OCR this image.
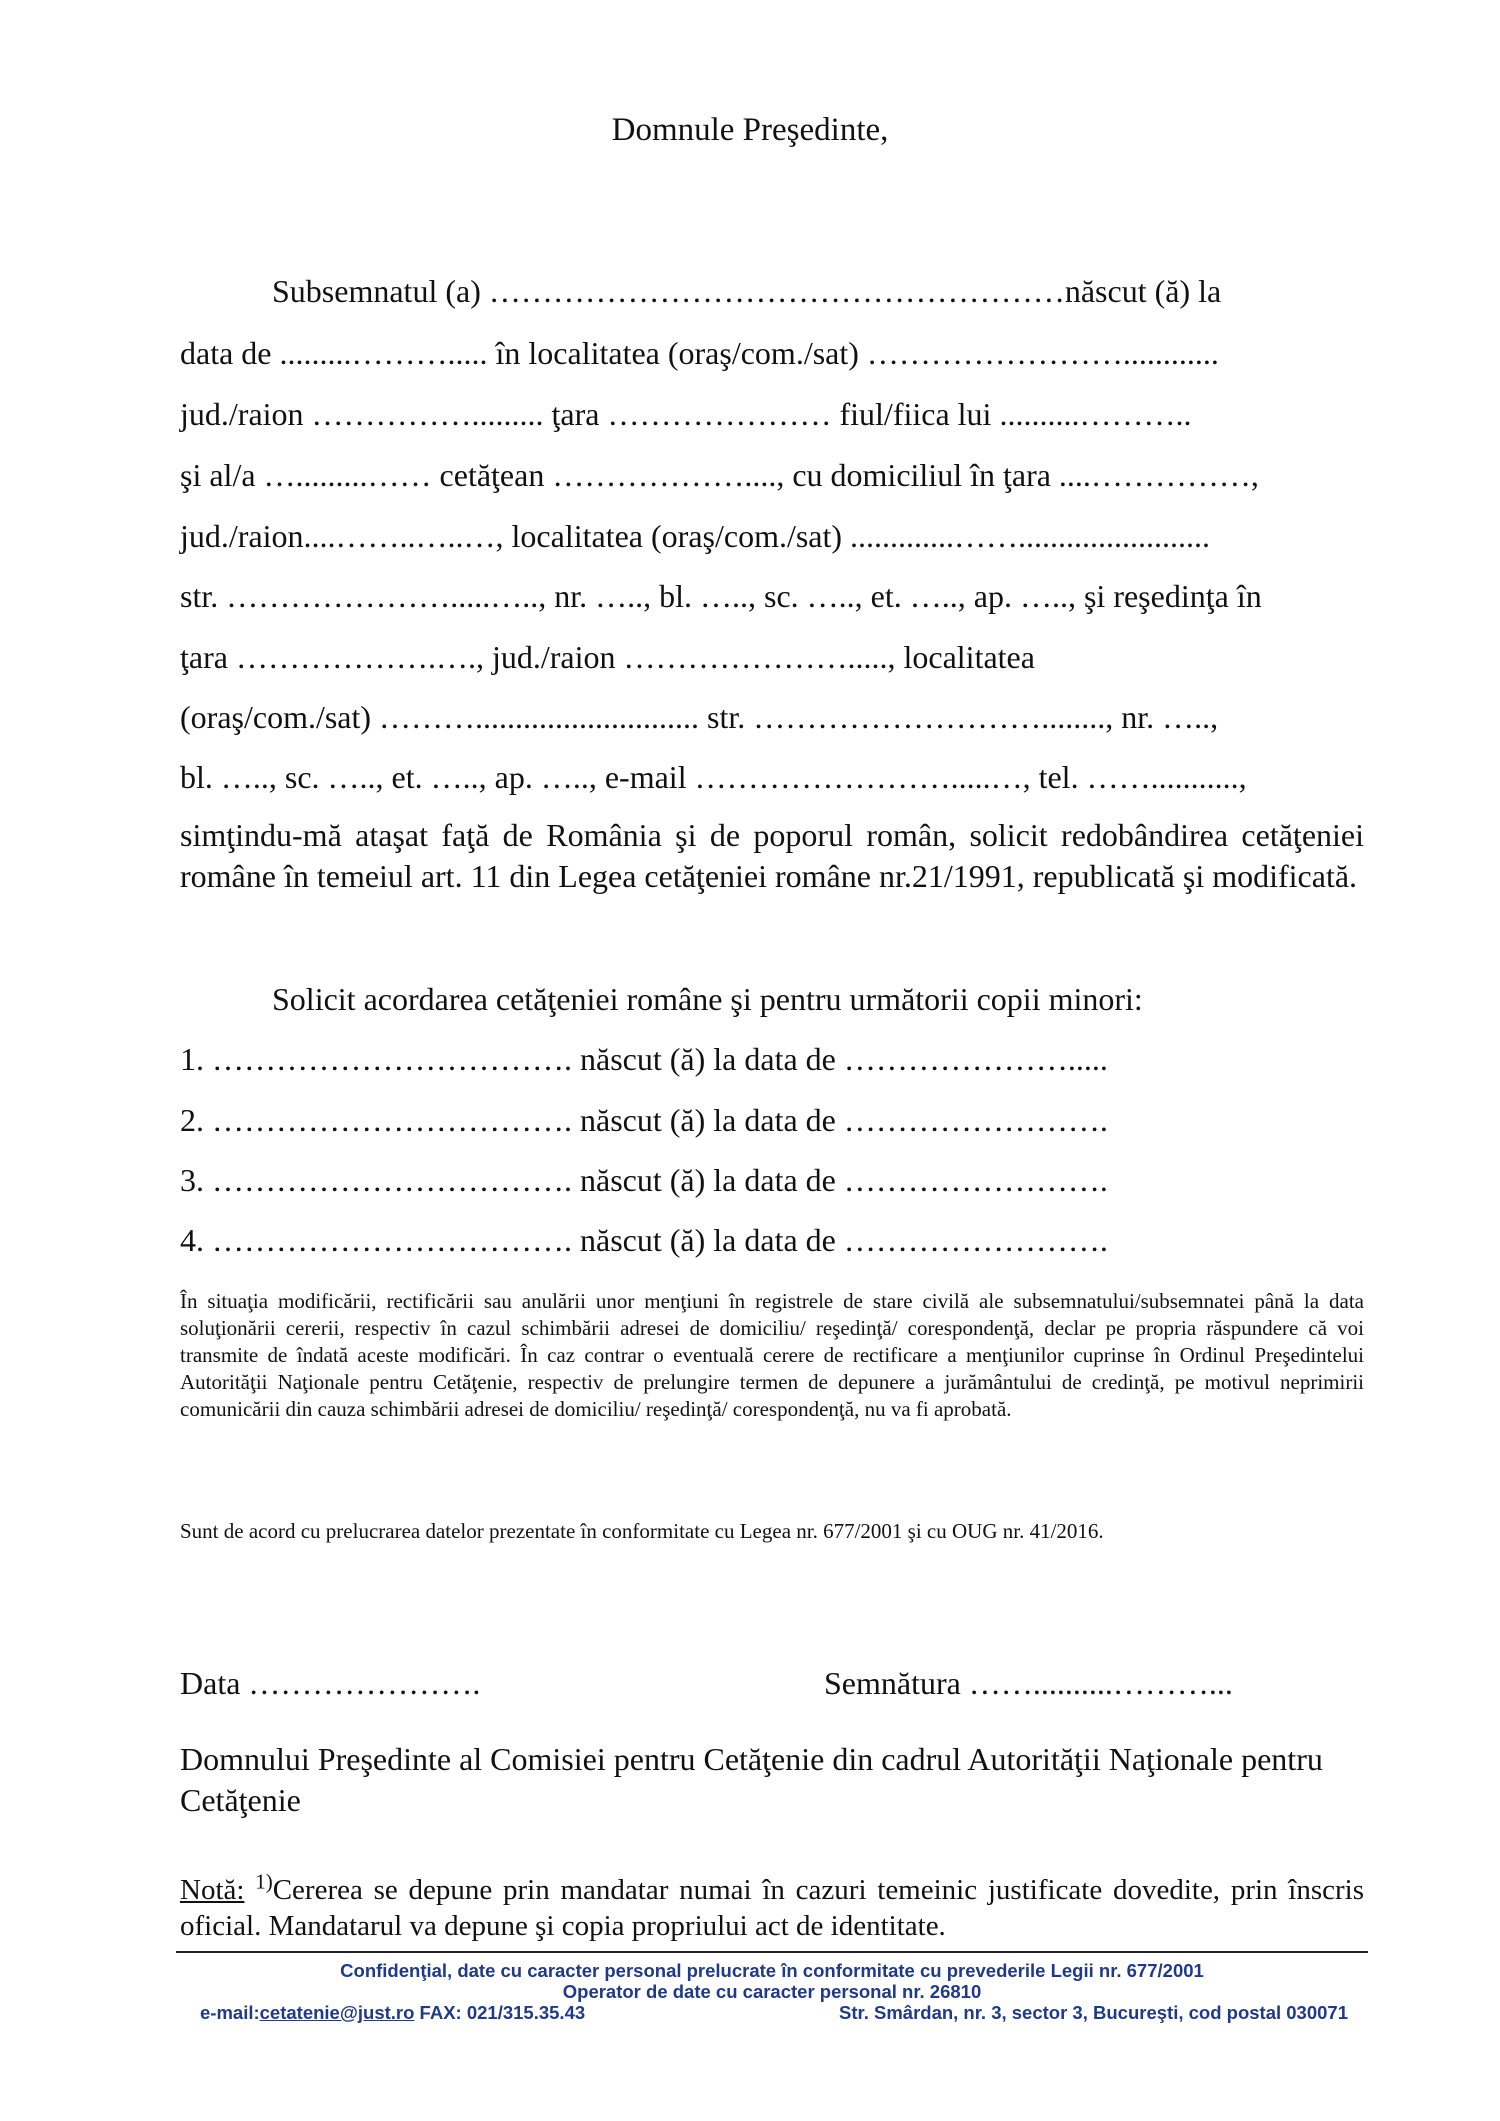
Domnule Preşedinte,
Subsemnatul (a) ………………………………………………născut (ă) la
data de .........………..... în localitatea (oraş/com./sat) ……………………............
jud./raion ……………......... ţara ………………… fiul/fiica lui ..........………..
şi al/a ….........…… cetăţean ………………...., cu domiciliul în ţara ....……………,
jud./raion....……..…..…, localitatea (oraş/com./sat) .............……........................
str. ………………….....….., nr. ….., bl. ….., sc. ….., et. ….., ap. ….., şi reşedinţa în
ţara ……………….…., jud./raion …………………....., localitatea
(oraş/com./sat) ………............................ str. ………………………........, nr. …..,
bl. ….., sc. ….., et. ….., ap. ….., e-mail …………………….....…, tel. ……...........,
simţindu-mă ataşat faţă de România şi de poporul român, solicit redobândirea cetăţeniei române în temeiul art. 11 din Legea cetăţeniei române nr.21/1991, republicată şi modificată.
Solicit acordarea cetăţeniei române şi pentru următorii copii minori:
1. ……………………………. născut (ă) la data de ………………….....
2. ……………………………. născut (ă) la data de …………………….
3. ……………………………. născut (ă) la data de …………………….
4. ……………………………. născut (ă) la data de …………………….
În situaţia modificării, rectificării sau anulării unor menţiuni în registrele de stare civilă ale subsemnatului/subsemnatei până la data soluţionării cererii, respectiv în cazul schimbării adresei de domiciliu/ reşedinţă/ corespondenţă, declar pe propria răspundere că voi transmite de îndată aceste modificări. În caz contrar o eventuală cerere de rectificare a menţiunilor cuprinse în Ordinul Preşedintelui Autorităţii Naţionale pentru Cetăţenie, respectiv de prelungire termen de depunere a jurământului de credinţă, pe motivul neprimirii comunicării din cauza schimbării adresei de domiciliu/ reşedinţă/ corespondenţă, nu va fi aprobată.
Sunt de acord cu prelucrarea datelor prezentate în conformitate cu Legea nr. 677/2001 şi cu OUG nr. 41/2016.
Data ………………….	Semnătura ……..........………...
Domnului Preşedinte al Comisiei pentru Cetăţenie din cadrul Autorităţii Naţionale pentru Cetăţenie
Notă: $^{1)}$Cererea se depune prin mandatar numai în cazuri temeinic justificate dovedite, prin înscris oficial. Mandatarul va depune şi copia propriului act de identitate.
Confidenţial, date cu caracter personal prelucrate în conformitate cu prevederile Legii nr. 677/2001
Operator de date cu caracter personal nr. 26810
e-mail:cetatenie@just.ro FAX: 021/315.35.43	Str. Smârdan, nr. 3, sector 3, Bucureşti, cod postal 030071
